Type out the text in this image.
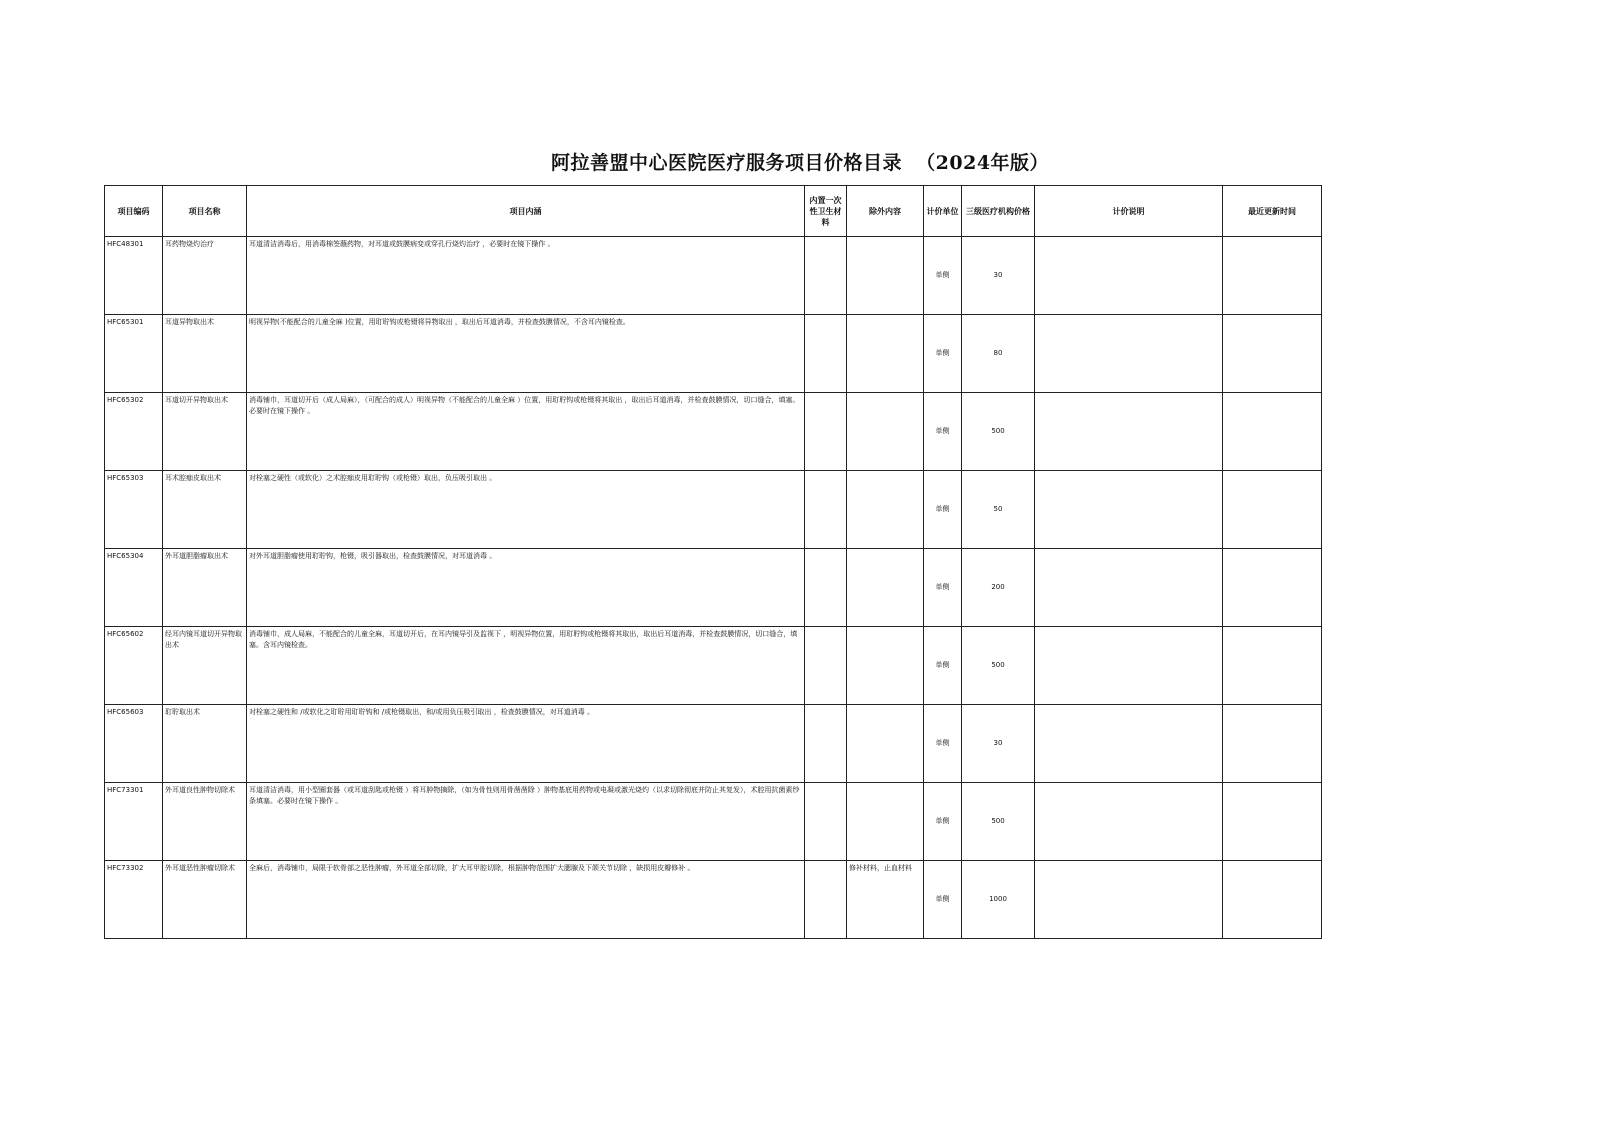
阿拉善盟中心医院医疗服务项目价格目录  （2024年版）
项目编码	项目名称	项目内涵	内置一次性卫生材料	除外内容	计价单位	三级医疗机构价格	计价说明	最近更新时间
HFC48301	耳药物烧灼治疗	耳道清洁消毒后，用消毒棉签蘸药物，对耳道或鼓膜病变或穿孔行烧灼治疗 ，必要时在镜下操作 。			单侧	30		
HFC65301	耳道异物取出术	明视异物(不能配合的儿童全麻 )位置，用耵聍钩或枪镊将异物取出 ，取出后耳道消毒，并检查鼓膜情况，不含耳内镜检查。			单侧	80		
HFC65302	耳道切开异物取出术	消毒铺巾，耳道切开后（成人局麻），（可配合的成人）明视异物（不能配合的儿童全麻 ）位置，用耵聍钩或枪镊将其取出 ，取出后耳道消毒，并检查鼓膜情况，切口缝合，填塞。必要时在镜下操作 。			单侧	500		
HFC65303	耳术腔痂皮取出术	对栓塞之硬性（或软化）之术腔痂皮用耵聍钩（或枪镊）取出，负压吸引取出 。			单侧	50		
HFC65304	外耳道胆脂瘤取出术	对外耳道胆脂瘤使用耵聍钩，枪镊，吸引器取出，检查鼓膜情况，对耳道消毒 。			单侧	200		
HFC65602	经耳内镜耳道切开异物取出术	消毒铺巾，成人局麻，不能配合的儿童全麻，耳道切开后，在耳内镜导引及监视下 ，明视异物位置，用耵聍钩或枪镊将其取出，取出后耳道消毒，并检查鼓膜情况，切口缝合，填塞。含耳内镜检查。			单侧	500		
HFC65603	耵聍取出术	对栓塞之硬性和 /或软化之耵聍用耵聍钩和 /或枪镊取出，和/或用负压吸引取出 ，检查鼓膜情况，对耳道消毒 。			单侧	30		
HFC73301	外耳道良性肿物切除术	耳道清洁消毒，用小型圈套器（或耳道刮匙或枪镊 ）将耳肿物摘除，（如为骨性则用骨凿凿除 ）肿物基底用药物或电凝或激光烧灼（以求切除彻底并防止其复发），术腔用抗菌素纱条填塞。必要时在镜下操作 。			单侧	500		
HFC73302	外耳道恶性肿瘤切除术	全麻后，消毒铺巾，局限于软骨部之恶性肿瘤，外耳道全部切除，扩大耳甲腔切除，根据肿物范围扩大腮腺及下颌关节切除 ，缺损用皮瓣修补 。		修补材料，止血材料	单侧	1000		
